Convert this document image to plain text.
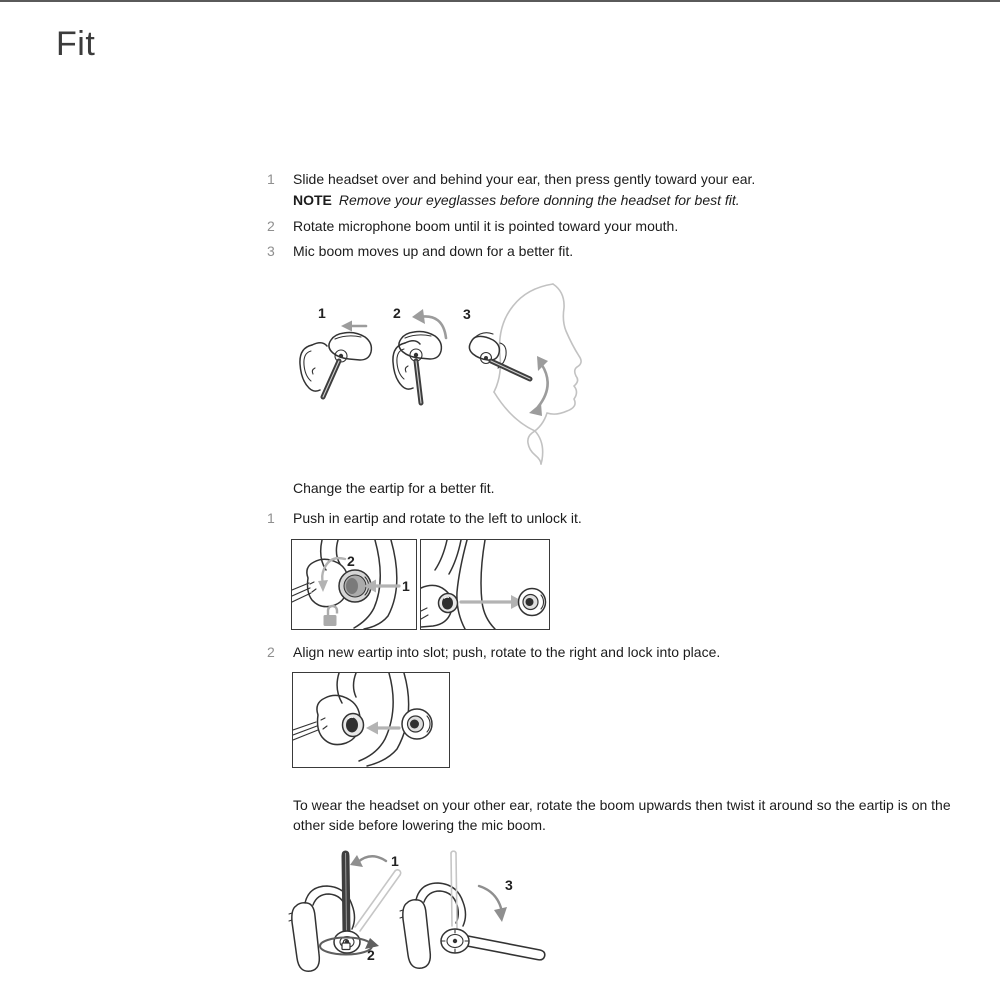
Fit
1 Slide headset over and behind your ear, then press gently toward your ear.
NOTE Remove your eyeglasses before donning the headset for best fit.
2 Rotate microphone boom until it is pointed toward your mouth.
3 Mic boom moves up and down for a better fit.
1	2	3
Change the eartip for a better fit.
1 Push in eartip and rotate to the left to unlock it.
1
2
2 Align new eartip into slot; push, rotate to the right and lock into place.

To wear the headset on your other ear, rotate the boom upwards then twist it around so the eartip is on the other side before lowering the mic boom.

1
2
3
